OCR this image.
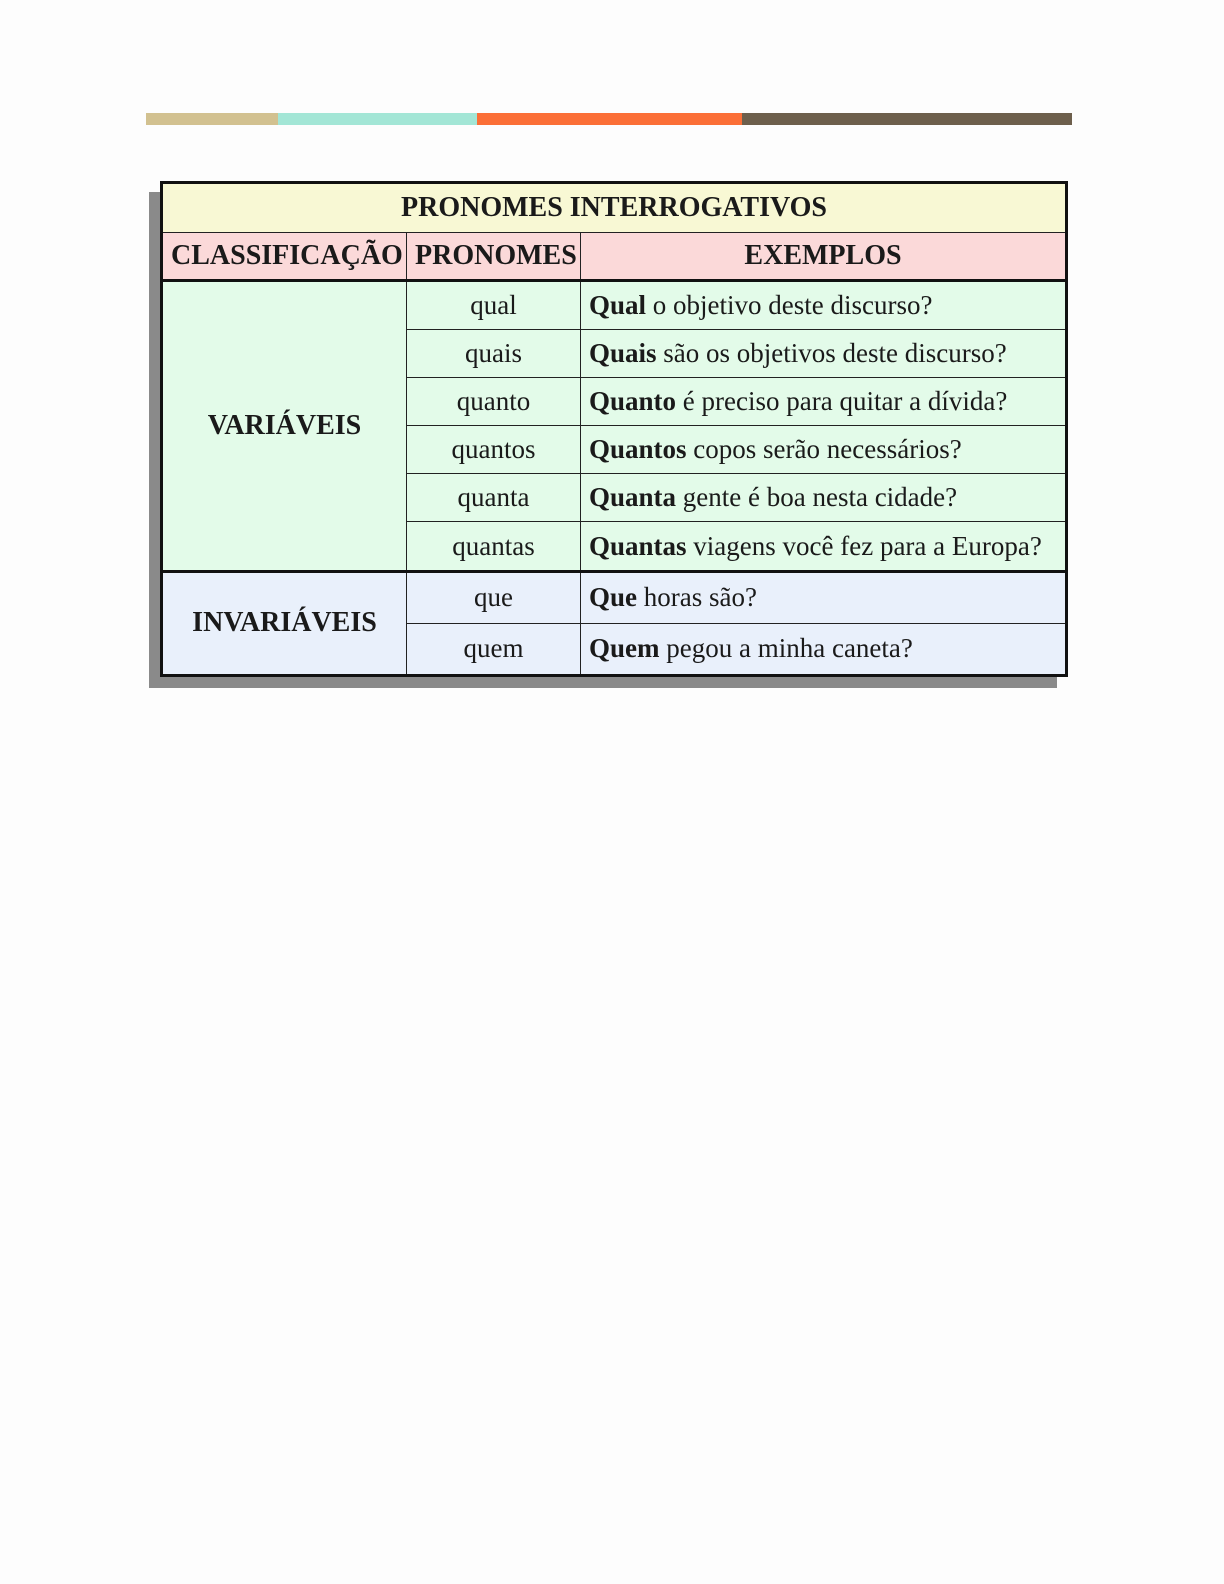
PRONOMES INTERROGATIVOS		
CLASSIFICAÇÃO	PRONOMES	EXEMPLOS
VARIÁVEIS	qual	Qual o objetivo deste discurso?
	quais	Quais são os objetivos deste discurso?
	quanto	Quanto é preciso para quitar a dívida?
	quantos	Quantos copos serão necessários?
	quanta	Quanta gente é boa nesta cidade?
	quantas	Quantas viagens você fez para a Europa?
INVARIÁVEIS	que	Que horas são?
	quem	Quem pegou a minha caneta?
